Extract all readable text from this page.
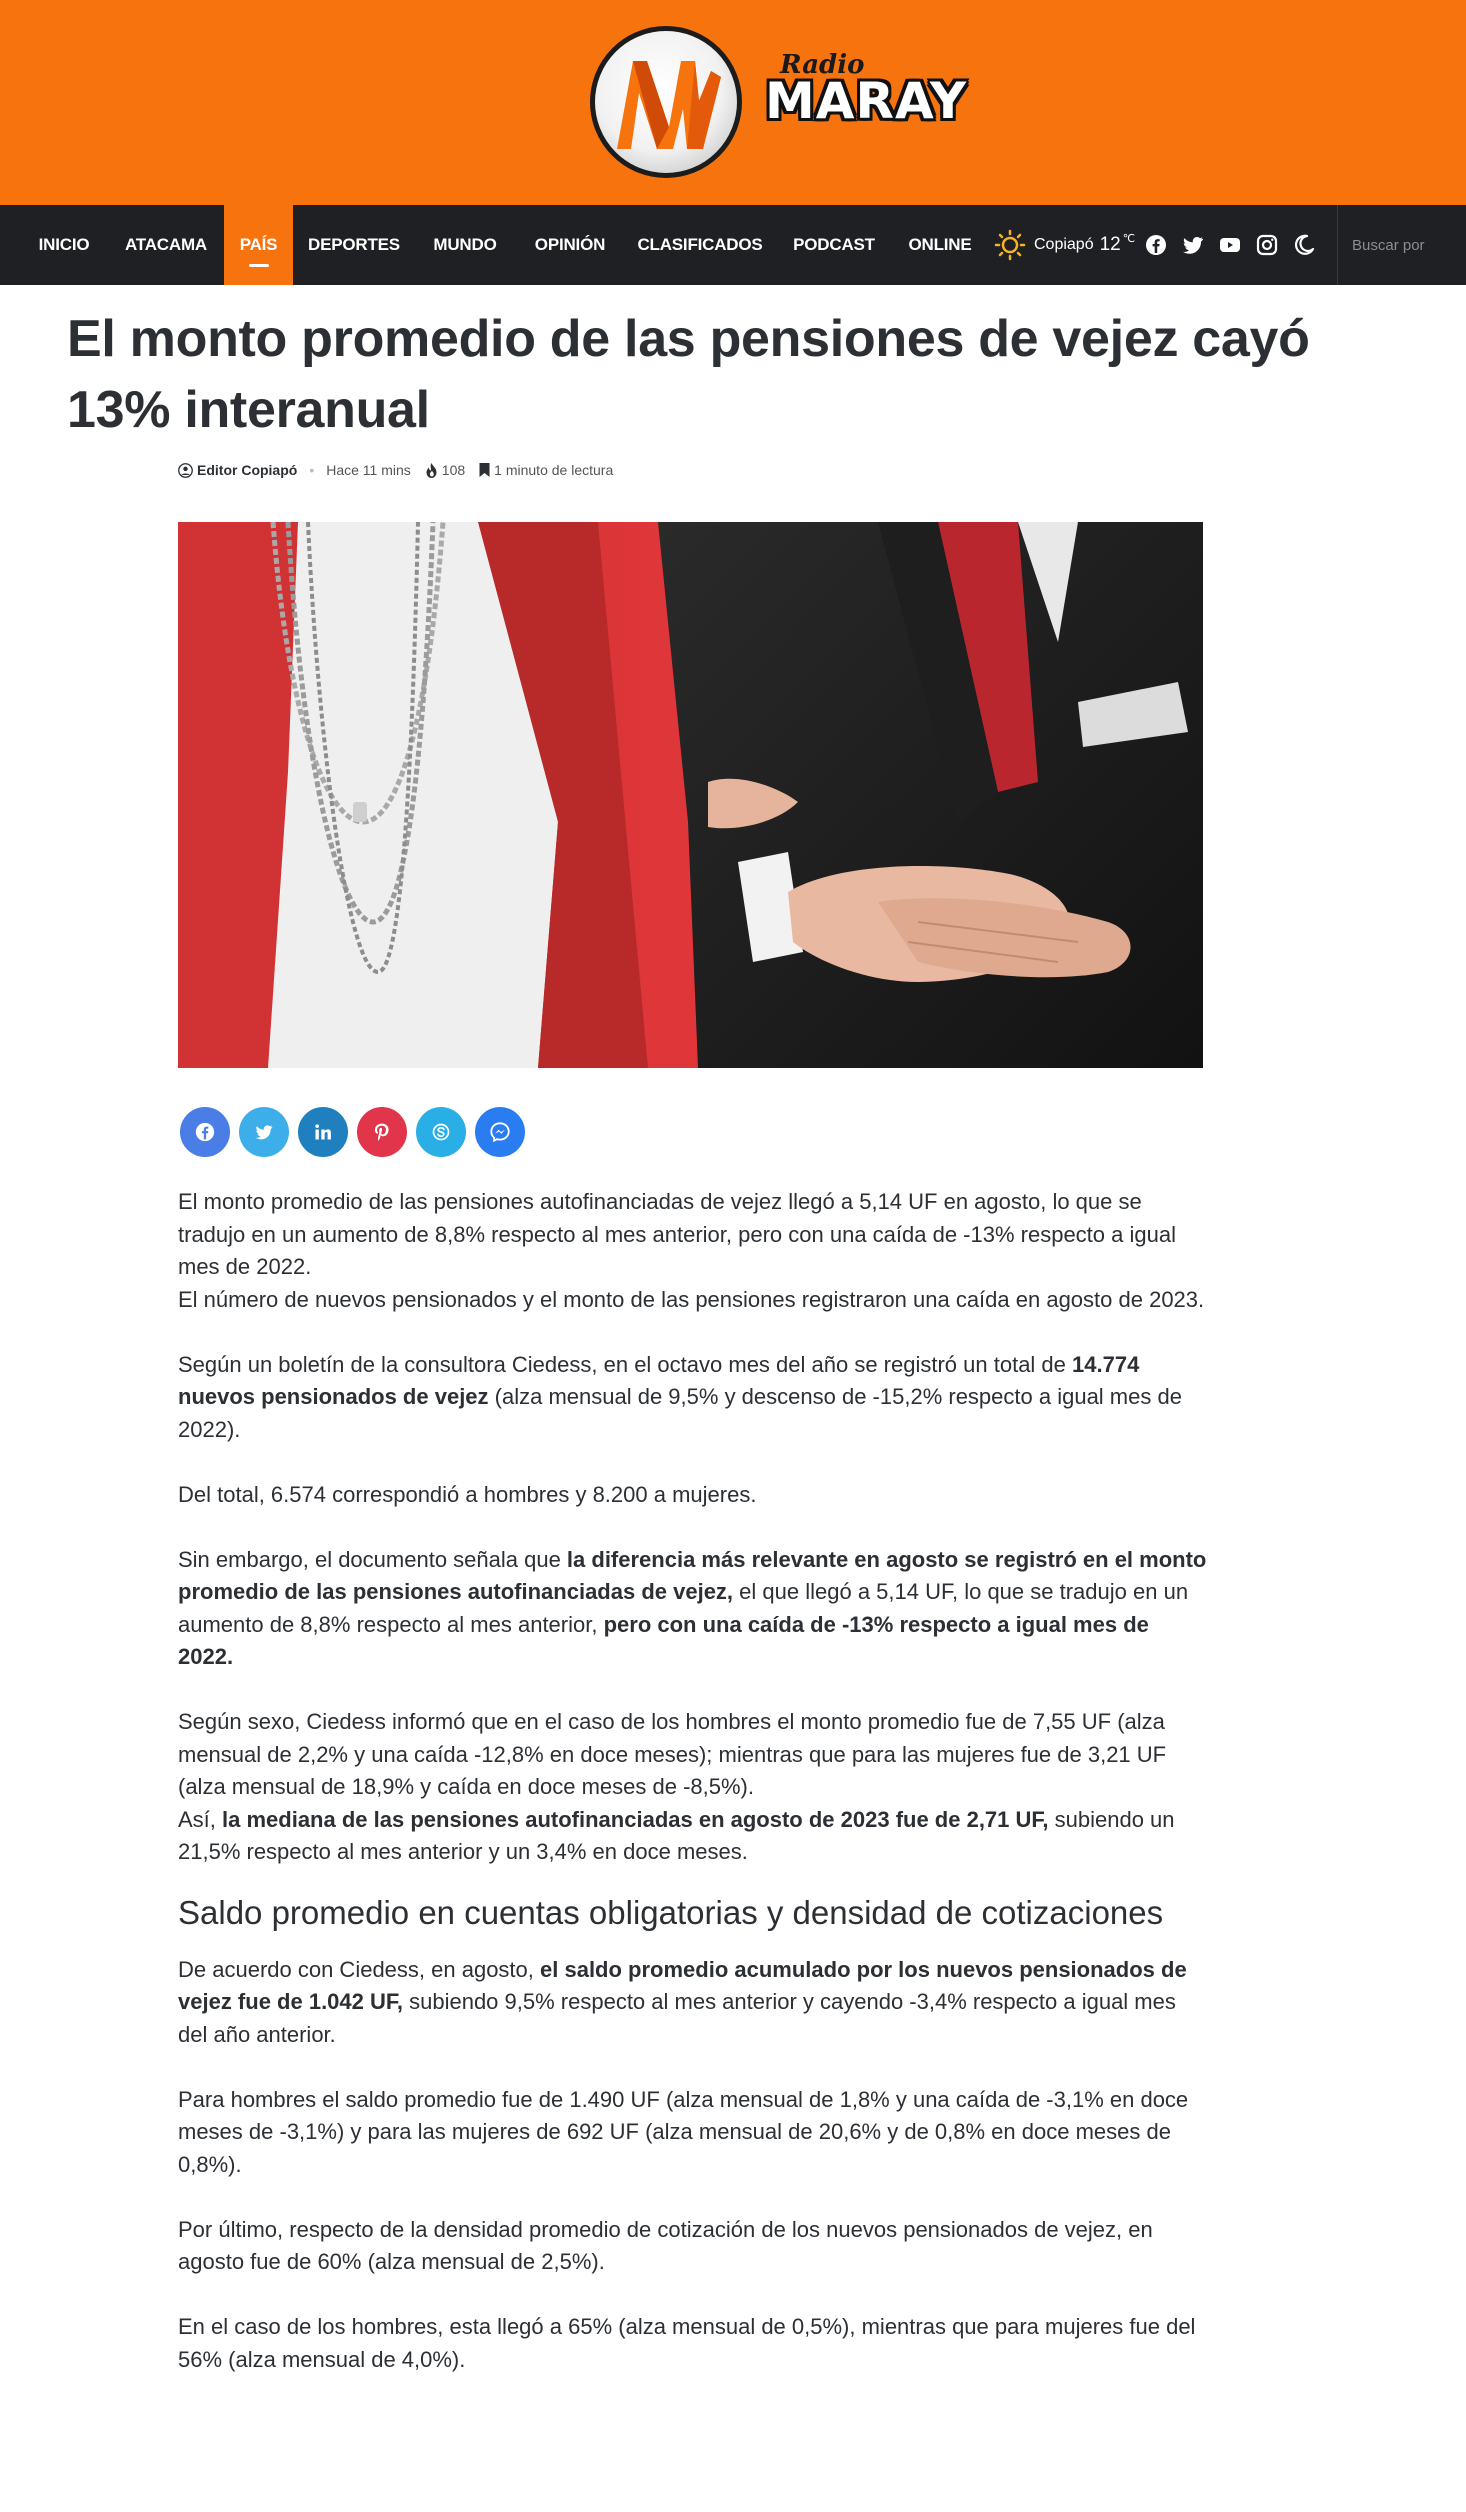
Radio
MARAY
INICIO	ATACAMA	PAÍS	DEPORTES	MUNDO	OPINIÓN	CLASIFICADOS	PODCAST	ONLINE	Copiapó 12 ℃
Buscar por
El monto promedio de las pensiones de vejez cayó 13% interanual
Editor Copiapó • Hace 11 mins 108 1 minuto de lectura

El monto promedio de las pensiones autofinanciadas de vejez llegó a 5,14 UF en agosto, lo que se tradujo en un aumento de 8,8% respecto al mes anterior, pero con una caída de -13% respecto a igual mes de 2022.

El número de nuevos pensionados y el monto de las pensiones registraron una caída en agosto de 2023.

Según un boletín de la consultora Ciedess, en el octavo mes del año se registró un total de 14.774 nuevos pensionados de vejez (alza mensual de 9,5% y descenso de -15,2% respecto a igual mes de 2022).

Del total, 6.574 correspondió a hombres y 8.200 a mujeres.

Sin embargo, el documento señala que la diferencia más relevante en agosto se registró en el monto promedio de las pensiones autofinanciadas de vejez, el que llegó a 5,14 UF, lo que se tradujo en un aumento de 8,8% respecto al mes anterior, pero con una caída de -13% respecto a igual mes de 2022.

Según sexo, Ciedess informó que en el caso de los hombres el monto promedio fue de 7,55 UF (alza mensual de 2,2% y una caída -12,8% en doce meses); mientras que para las mujeres fue de 3,21 UF (alza mensual de 18,9% y caída en doce meses de -8,5%).

Así, la mediana de las pensiones autofinanciadas en agosto de 2023 fue de 2,71 UF, subiendo un 21,5% respecto al mes anterior y un 3,4% en doce meses.

Saldo promedio en cuentas obligatorias y densidad de cotizaciones

De acuerdo con Ciedess, en agosto, el saldo promedio acumulado por los nuevos pensionados de vejez fue de 1.042 UF, subiendo 9,5% respecto al mes anterior y cayendo -3,4% respecto a igual mes del año anterior.

Para hombres el saldo promedio fue de 1.490 UF (alza mensual de 1,8% y una caída de -3,1% en doce meses de -3,1%) y para las mujeres de 692 UF (alza mensual de 20,6% y de 0,8% en doce meses de 0,8%).

Por último, respecto de la densidad promedio de cotización de los nuevos pensionados de vejez, en agosto fue de 60% (alza mensual de 2,5%).

En el caso de los hombres, esta llegó a 65% (alza mensual de 0,5%), mientras que para mujeres fue del 56% (alza mensual de 4,0%).
